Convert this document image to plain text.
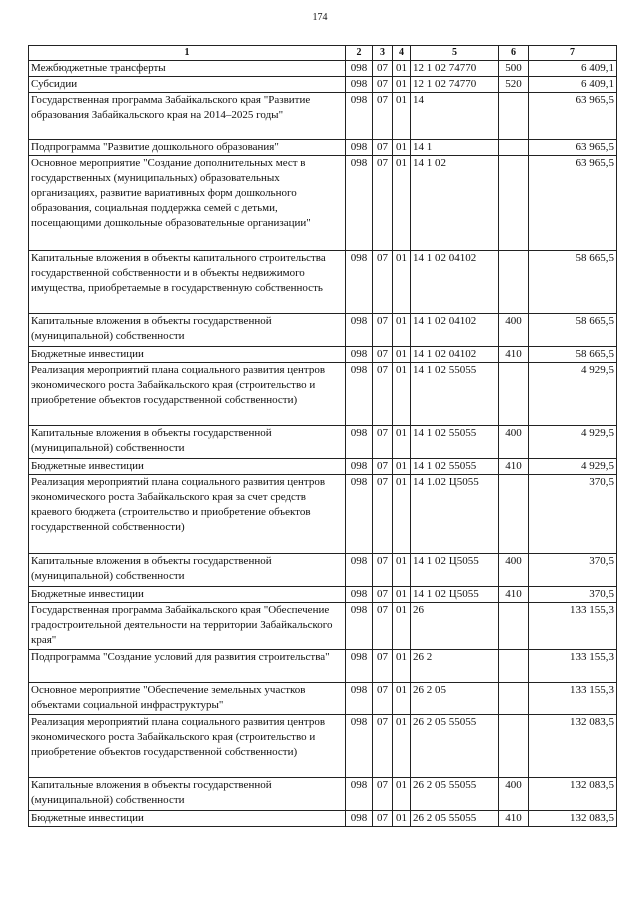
174
1	2	3	4	5	6	7
Межбюджетные трансферты	098	07	01	12 1 02 74770	500	6 409,1
Субсидии	098	07	01	12 1 02 74770	520	6 409,1
Государственная программа Забайкальского края "Развитие образования Забайкальского края на 2014–2025 годы"	098	07	01	14		63 965,5
Подпрограмма "Развитие дошкольного образования"	098	07	01	14 1		63 965,5
Основное мероприятие "Создание дополнительных мест в государственных (муниципальных) образовательных организациях, развитие вариативных форм дошкольного образования, социальная поддержка семей с детьми, посещающими дошкольные образовательные организации"	098	07	01	14 1 02		63 965,5
Капитальные вложения в объекты капитального строительства государственной собственности и в объекты недвижимого имущества, приобретаемые в государственную собственность	098	07	01	14 1 02 04102		58 665,5
Капитальные вложения в объекты государственной (муниципальной) собственности	098	07	01	14 1 02 04102	400	58 665,5
Бюджетные инвестиции	098	07	01	14 1 02 04102	410	58 665,5
Реализация мероприятий плана социального развития центров экономического роста Забайкальского края (строительство и приобретение объектов государственной собственности)	098	07	01	14 1 02 55055		4 929,5
Капитальные вложения в объекты государственной (муниципальной) собственности	098	07	01	14 1 02 55055	400	4 929,5
Бюджетные инвестиции	098	07	01	14 1 02 55055	410	4 929,5
Реализация мероприятий плана социального развития центров экономического роста Забайкальского края за счет средств краевого бюджета (строительство и приобретение объектов государственной собственности)	098	07	01	14 1.02 Ц5055		370,5
Капитальные вложения в объекты государственной (муниципальной) собственности	098	07	01	14 1 02 Ц5055	400	370,5
Бюджетные инвестиции	098	07	01	14 1 02 Ц5055	410	370,5
Государственная программа Забайкальского края "Обеспечение градостроительной деятельности на территории Забайкальского края"	098	07	01	26		133 155,3
Подпрограмма "Создание условий для развития строительства"	098	07	01	26 2		133 155,3
Основное мероприятие "Обеспечение земельных участков объектами социальной инфраструктуры"	098	07	01	26 2 05		133 155,3
Реализация мероприятий плана социального развития центров экономического роста Забайкальского края (строительство и приобретение объектов государственной собственности)	098	07	01	26 2 05 55055		132 083,5
Капитальные вложения в объекты государственной (муниципальной) собственности	098	07	01	26 2 05 55055	400	132 083,5
Бюджетные инвестиции	098	07	01	26 2 05 55055	410	132 083,5
